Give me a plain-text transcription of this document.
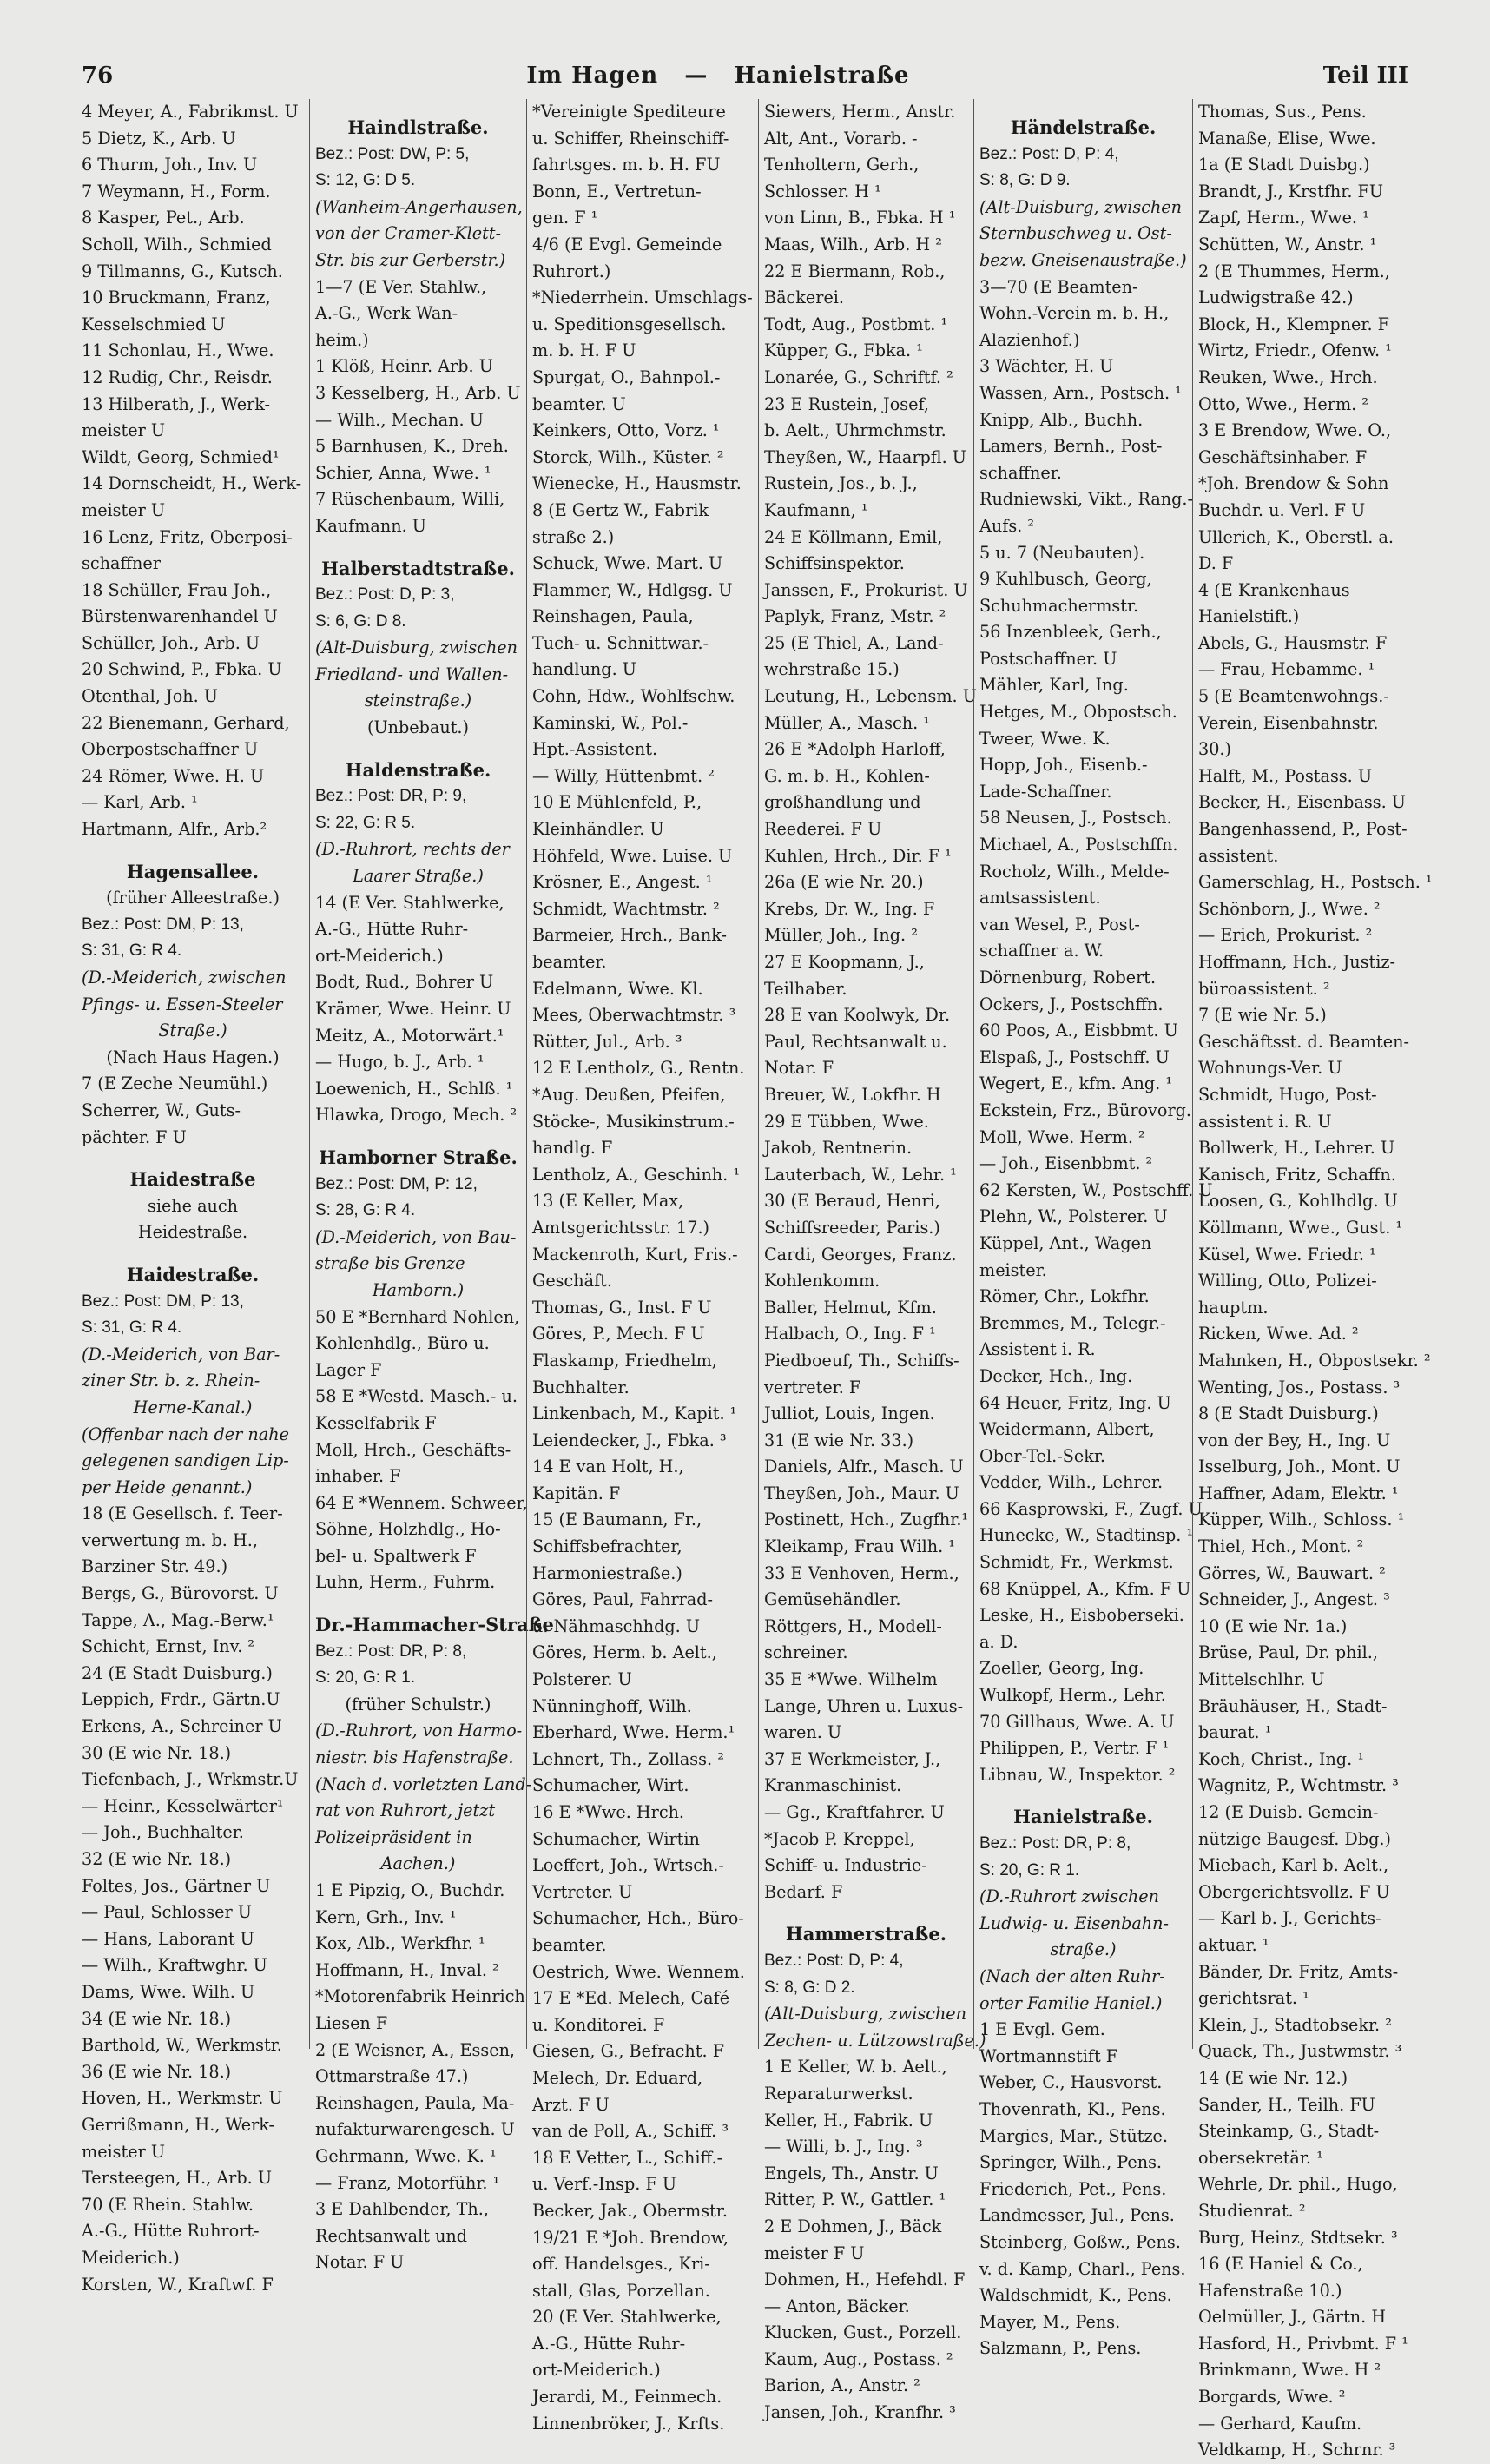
76	Im Hagen — Hanielstraße	Teil III
4 Meyer, A., Fabrikmst. U
5 Dietz, K., Arb. U
6 Thurm, Joh., Inv. U
7 Weymann, H., Form.
8 Kasper, Pet., Arb.
Scholl, Wilh., Schmied
9 Tillmanns, G., Kutsch.
10 Bruckmann, Franz,
Kesselschmied U
11 Schonlau, H., Wwe.
12 Rudig, Chr., Reisdr.
13 Hilberath, J., Werk-
meister U
Wildt, Georg, Schmied¹
14 Dornscheidt, H., Werk-
meister U
16 Lenz, Fritz, Oberposi-
schaffner
18 Schüller, Frau Joh.,
Bürstenwarenhandel U
Schüller, Joh., Arb. U
20 Schwind, P., Fbka. U
Otenthal, Joh. U
22 Bienemann, Gerhard,
Oberpostschaffner U
24 Römer, Wwe. H. U
— Karl, Arb. ¹
Hartmann, Alfr., Arb.²
Hagensallee.
(früher Alleestraße.)
Bez.: Post: DM, P: 13,
S: 31, G: R 4.
(D.-Meiderich, zwischen
Pfings- u. Essen-Steeler
Straße.)
(Nach Haus Hagen.)
7 (E Zeche Neumühl.)
Scherrer, W., Guts-
pächter. F U
Haidestraße
siehe auch
Heidestraße.
Haidestraße.
Bez.: Post: DM, P: 13,
S: 31, G: R 4.
(D.-Meiderich, von Bar-
ziner Str. b. z. Rhein-
Herne-Kanal.)
(Offenbar nach der nahe
gelegenen sandigen Lip-
per Heide genannt.)
18 (E Gesellsch. f. Teer-
verwertung m. b. H.,
Barziner Str. 49.)
Bergs, G., Bürovorst. U
Tappe, A., Mag.-Berw.¹
Schicht, Ernst, Inv. ²
24 (E Stadt Duisburg.)
Leppich, Frdr., Gärtn.U
Erkens, A., Schreiner U
30 (E wie Nr. 18.)
Tiefenbach, J., Wrkmstr.U
— Heinr., Kesselwärter¹
— Joh., Buchhalter.
32 (E wie Nr. 18.)
Foltes, Jos., Gärtner U
— Paul, Schlosser U
— Hans, Laborant U
— Wilh., Kraftwghr. U
Dams, Wwe. Wilh. U
34 (E wie Nr. 18.)
Barthold, W., Werkmstr.
36 (E wie Nr. 18.)
Hoven, H., Werkmstr. U
Gerrißmann, H., Werk-
meister U
Tersteegen, H., Arb. U
70 (E Rhein. Stahlw.
A.-G., Hütte Ruhrort-
Meiderich.)
Korsten, W., Kraftwf. F
Haindlstraße.
Bez.: Post: DW, P: 5,
S: 12, G: D 5.
(Wanheim-Angerhausen,
von der Cramer-Klett-
Str. bis zur Gerberstr.)
1—7 (E Ver. Stahlw.,
A.-G., Werk Wan-
heim.)
1 Klöß, Heinr. Arb. U
3 Kesselberg, H., Arb. U
— Wilh., Mechan. U
5 Barnhusen, K., Dreh.
Schier, Anna, Wwe. ¹
7 Rüschenbaum, Willi,
Kaufmann. U
Halberstadtstraße.
Bez.: Post: D, P: 3,
S: 6, G: D 8.
(Alt-Duisburg, zwischen
Friedland- und Wallen-
steinstraße.)
(Unbebaut.)
Haldenstraße.
Bez.: Post: DR, P: 9,
S: 22, G: R 5.
(D.-Ruhrort, rechts der
Laarer Straße.)
14 (E Ver. Stahlwerke,
A.-G., Hütte Ruhr-
ort-Meiderich.)
Bodt, Rud., Bohrer U
Krämer, Wwe. Heinr. U
Meitz, A., Motorwärt.¹
— Hugo, b. J., Arb. ¹
Loewenich, H., Schlß. ¹
Hlawka, Drogo, Mech. ²
Hamborner Straße.
Bez.: Post: DM, P: 12,
S: 28, G: R 4.
(D.-Meiderich, von Bau-
straße bis Grenze
Hamborn.)
50 E *Bernhard Nohlen,
Kohlenhdlg., Büro u.
Lager F
58 E *Westd. Masch.- u.
Kesselfabrik F
Moll, Hrch., Geschäfts-
inhaber. F
64 E *Wennem. Schweer,
Söhne, Holzhdlg., Ho-
bel- u. Spaltwerk F
Luhn, Herm., Fuhrm.
Dr.-Hammacher-Straße
Bez.: Post: DR, P: 8,
S: 20, G: R 1.
(früher Schulstr.)
(D.-Ruhrort, von Harmo-
niestr. bis Hafenstraße.
(Nach d. vorletzten Land-
rat von Ruhrort, jetzt
Polizeipräsident in
Aachen.)
1 E Pipzig, O., Buchdr.
Kern, Grh., Inv. ¹
Kox, Alb., Werkfhr. ¹
Hoffmann, H., Inval. ²
*Motorenfabrik Heinrich
Liesen F
2 (E Weisner, A., Essen,
Ottmarstraße 47.)
Reinshagen, Paula, Ma-
nufakturwarengesch. U
Gehrmann, Wwe. K. ¹
— Franz, Motorführ. ¹
3 E Dahlbender, Th.,
Rechtsanwalt und
Notar. F U
*Vereinigte Spediteure
u. Schiffer, Rheinschiff-
fahrtsges. m. b. H. FU
Bonn, E., Vertretun-
gen. F ¹
4/6 (E Evgl. Gemeinde
Ruhrort.)
*Niederrhein. Umschlags-
u. Speditionsgesellsch.
m. b. H. F U
Spurgat, O., Bahnpol.-
beamter. U
Keinkers, Otto, Vorz. ¹
Storck, Wilh., Küster. ²
Wienecke, H., Hausmstr.
8 (E Gertz W., Fabrik
straße 2.)
Schuck, Wwe. Mart. U
Flammer, W., Hdlgsg. U
Reinshagen, Paula,
Tuch- u. Schnittwar.-
handlung. U
Cohn, Hdw., Wohlfschw.
Kaminski, W., Pol.-
Hpt.-Assistent.
— Willy, Hüttenbmt. ²
10 E Mühlenfeld, P.,
Kleinhändler. U
Höhfeld, Wwe. Luise. U
Krösner, E., Angest. ¹
Schmidt, Wachtmstr. ²
Barmeier, Hrch., Bank-
beamter.
Edelmann, Wwe. Kl.
Mees, Oberwachtmstr. ³
Rütter, Jul., Arb. ³
12 E Lentholz, G., Rentn.
*Aug. Deußen, Pfeifen,
Stöcke-, Musikinstrum.-
handlg. F
Lentholz, A., Geschinh. ¹
13 (E Keller, Max,
Amtsgerichtsstr. 17.)
Mackenroth, Kurt, Fris.-
Geschäft.
Thomas, G., Inst. F U
Göres, P., Mech. F U
Flaskamp, Friedhelm,
Buchhalter.
Linkenbach, M., Kapit. ¹
Leiendecker, J., Fbka. ³
14 E van Holt, H.,
Kapitän. F
15 (E Baumann, Fr.,
Schiffsbefrachter,
Harmoniestraße.)
Göres, Paul, Fahrrad-
u. Nähmaschhdg. U
Göres, Herm. b. Aelt.,
Polsterer. U
Nünninghoff, Wilh.
Eberhard, Wwe. Herm.¹
Lehnert, Th., Zollass. ²
Schumacher, Wirt.
16 E *Wwe. Hrch.
Schumacher, Wirtin
Loeffert, Joh., Wrtsch.-
Vertreter. U
Schumacher, Hch., Büro-
beamter.
Oestrich, Wwe. Wennem.
17 E *Ed. Melech, Café
u. Konditorei. F
Giesen, G., Befracht. F
Melech, Dr. Eduard,
Arzt. F U
van de Poll, A., Schiff. ³
18 E Vetter, L., Schiff.-
u. Verf.-Insp. F U
Becker, Jak., Obermstr.
19/21 E *Joh. Brendow,
off. Handelsges., Kri-
stall, Glas, Porzellan.
20 (E Ver. Stahlwerke,
A.-G., Hütte Ruhr-
ort-Meiderich.)
Jerardi, M., Feinmech.
Linnenbröker, J., Krfts.
Siewers, Herm., Anstr.
Alt, Ant., Vorarb. -
Tenholtern, Gerh.,
Schlosser. H ¹
von Linn, B., Fbka. H ¹
Maas, Wilh., Arb. H ²
22 E Biermann, Rob.,
Bäckerei.
Todt, Aug., Postbmt. ¹
Küpper, G., Fbka. ¹
Lonarée, G., Schriftf. ²
23 E Rustein, Josef,
b. Aelt., Uhrmchmstr.
Theyßen, W., Haarpfl. U
Rustein, Jos., b. J.,
Kaufmann, ¹
24 E Köllmann, Emil,
Schiffsinspektor.
Janssen, F., Prokurist. U
Paplyk, Franz, Mstr. ²
25 (E Thiel, A., Land-
wehrstraße 15.)
Leutung, H., Lebensm. U
Müller, A., Masch. ¹
26 E *Adolph Harloff,
G. m. b. H., Kohlen-
großhandlung und
Reederei. F U
Kuhlen, Hrch., Dir. F ¹
26a (E wie Nr. 20.)
Krebs, Dr. W., Ing. F
Müller, Joh., Ing. ²
27 E Koopmann, J.,
Teilhaber.
28 E van Koolwyk, Dr.
Paul, Rechtsanwalt u.
Notar. F
Breuer, W., Lokfhr. H
29 E Tübben, Wwe.
Jakob, Rentnerin.
Lauterbach, W., Lehr. ¹
30 (E Beraud, Henri,
Schiffsreeder, Paris.)
Cardi, Georges, Franz.
Kohlenkomm.
Baller, Helmut, Kfm.
Halbach, O., Ing. F ¹
Piedboeuf, Th., Schiffs-
vertreter. F
Julliot, Louis, Ingen.
31 (E wie Nr. 33.)
Daniels, Alfr., Masch. U
Theyßen, Joh., Maur. U
Postinett, Hch., Zugfhr.¹
Kleikamp, Frau Wilh. ¹
33 E Venhoven, Herm.,
Gemüsehändler.
Röttgers, H., Modell-
schreiner.
35 E *Wwe. Wilhelm
Lange, Uhren u. Luxus-
waren. U
37 E Werkmeister, J.,
Kranmaschinist.
— Gg., Kraftfahrer. U
*Jacob P. Kreppel,
Schiff- u. Industrie-
Bedarf. F
Hammerstraße.
Bez.: Post: D, P: 4,
S: 8, G: D 2.
(Alt-Duisburg, zwischen
Zechen- u. Lützowstraße.)
1 E Keller, W. b. Aelt.,
Reparaturwerkst.
Keller, H., Fabrik. U
— Willi, b. J., Ing. ³
Engels, Th., Anstr. U
Ritter, P. W., Gattler. ¹
2 E Dohmen, J., Bäck
meister F U
Dohmen, H., Hefehdl. F
— Anton, Bäcker.
Klucken, Gust., Porzell.
Kaum, Aug., Postass. ²
Barion, A., Anstr. ²
Jansen, Joh., Kranfhr. ³
Händelstraße.
Bez.: Post: D, P: 4,
S: 8, G: D 9.
(Alt-Duisburg, zwischen
Sternbuschweg u. Ost-
bezw. Gneisenaustraße.)
3—70 (E Beamten-
Wohn.-Verein m. b. H.,
Alazienhof.)
3 Wächter, H. U
Wassen, Arn., Postsch. ¹
Knipp, Alb., Buchh.
Lamers, Bernh., Post-
schaffner.
Rudniewski, Vikt., Rang.-
Aufs. ²
5 u. 7 (Neubauten).
9 Kuhlbusch, Georg,
Schuhmachermstr.
56 Inzenbleek, Gerh.,
Postschaffner. U
Mähler, Karl, Ing.
Hetges, M., Obpostsch.
Tweer, Wwe. K.
Hopp, Joh., Eisenb.-
Lade-Schaffner.
58 Neusen, J., Postsch.
Michael, A., Postschffn.
Rocholz, Wilh., Melde-
amtsassistent.
van Wesel, P., Post-
schaffner a. W.
Dörnenburg, Robert.
Ockers, J., Postschffn.
60 Poos, A., Eisbbmt. U
Elspaß, J., Postschff. U
Wegert, E., kfm. Ang. ¹
Eckstein, Frz., Bürovorg.
Moll, Wwe. Herm. ²
— Joh., Eisenbbmt. ²
62 Kersten, W., Postschff. U
Plehn, W., Polsterer. U
Küppel, Ant., Wagen
meister.
Römer, Chr., Lokfhr.
Bremmes, M., Telegr.-
Assistent i. R.
Decker, Hch., Ing.
64 Heuer, Fritz, Ing. U
Weidermann, Albert,
Ober-Tel.-Sekr.
Vedder, Wilh., Lehrer.
66 Kasprowski, F., Zugf. U
Hunecke, W., Stadtinsp. ¹
Schmidt, Fr., Werkmst.
68 Knüppel, A., Kfm. F U
Leske, H., Eisboberseki.
a. D.
Zoeller, Georg, Ing.
Wulkopf, Herm., Lehr.
70 Gillhaus, Wwe. A. U
Philippen, P., Vertr. F ¹
Libnau, W., Inspektor. ²
Hanielstraße.
Bez.: Post: DR, P: 8,
S: 20, G: R 1.
(D.-Ruhrort zwischen
Ludwig- u. Eisenbahn-
straße.)
(Nach der alten Ruhr-
orter Familie Haniel.)
1 E Evgl. Gem.
Wortmannstift F
Weber, C., Hausvorst.
Thovenrath, Kl., Pens.
Margies, Mar., Stütze.
Springer, Wilh., Pens.
Friederich, Pet., Pens.
Landmesser, Jul., Pens.
Steinberg, Goßw., Pens.
v. d. Kamp, Charl., Pens.
Waldschmidt, K., Pens.
Mayer, M., Pens.
Salzmann, P., Pens.
Thomas, Sus., Pens.
Manaße, Elise, Wwe.
1a (E Stadt Duisbg.)
Brandt, J., Krstfhr. FU
Zapf, Herm., Wwe. ¹
Schütten, W., Anstr. ¹
2 (E Thummes, Herm.,
Ludwigstraße 42.)
Block, H., Klempner. F
Wirtz, Friedr., Ofenw. ¹
Reuken, Wwe., Hrch.
Otto, Wwe., Herm. ²
3 E Brendow, Wwe. O.,
Geschäftsinhaber. F
*Joh. Brendow & Sohn
Buchdr. u. Verl. F U
Ullerich, K., Oberstl. a.
D. F
4 (E Krankenhaus
Hanielstift.)
Abels, G., Hausmstr. F
— Frau, Hebamme. ¹
5 (E Beamtenwohngs.-
Verein, Eisenbahnstr.
30.)
Halft, M., Postass. U
Becker, H., Eisenbass. U
Bangenhassend, P., Post-
assistent.
Gamerschlag, H., Postsch. ¹
Schönborn, J., Wwe. ²
— Erich, Prokurist. ²
Hoffmann, Hch., Justiz-
büroassistent. ²
7 (E wie Nr. 5.)
Geschäftsst. d. Beamten-
Wohnungs-Ver. U
Schmidt, Hugo, Post-
assistent i. R. U
Bollwerk, H., Lehrer. U
Kanisch, Fritz, Schaffn.
Loosen, G., Kohlhdlg. U
Köllmann, Wwe., Gust. ¹
Küsel, Wwe. Friedr. ¹
Willing, Otto, Polizei-
hauptm.
Ricken, Wwe. Ad. ²
Mahnken, H., Obpostsekr. ²
Wenting, Jos., Postass. ³
8 (E Stadt Duisburg.)
von der Bey, H., Ing. U
Isselburg, Joh., Mont. U
Haffner, Adam, Elektr. ¹
Küpper, Wilh., Schloss. ¹
Thiel, Hch., Mont. ²
Görres, W., Bauwart. ²
Schneider, J., Angest. ³
10 (E wie Nr. 1a.)
Brüse, Paul, Dr. phil.,
Mittelschlhr. U
Bräuhäuser, H., Stadt-
baurat. ¹
Koch, Christ., Ing. ¹
Wagnitz, P., Wchtmstr. ³
12 (E Duisb. Gemein-
nützige Baugesf. Dbg.)
Miebach, Karl b. Aelt.,
Obergerichtsvollz. F U
— Karl b. J., Gerichts-
aktuar. ¹
Bänder, Dr. Fritz, Amts-
gerichtsrat. ¹
Klein, J., Stadtobsekr. ²
Quack, Th., Justwmstr. ³
14 (E wie Nr. 12.)
Sander, H., Teilh. FU
Steinkamp, G., Stadt-
obersekretär. ¹
Wehrle, Dr. phil., Hugo,
Studienrat. ²
Burg, Heinz, Stdtsekr. ³
16 (E Haniel & Co.,
Hafenstraße 10.)
Oelmüller, J., Gärtn. H
Hasford, H., Privbmt. F ¹
Brinkmann, Wwe. H ²
Borgards, Wwe. ²
— Gerhard, Kaufm.
Veldkamp, H., Schrnr. ³
